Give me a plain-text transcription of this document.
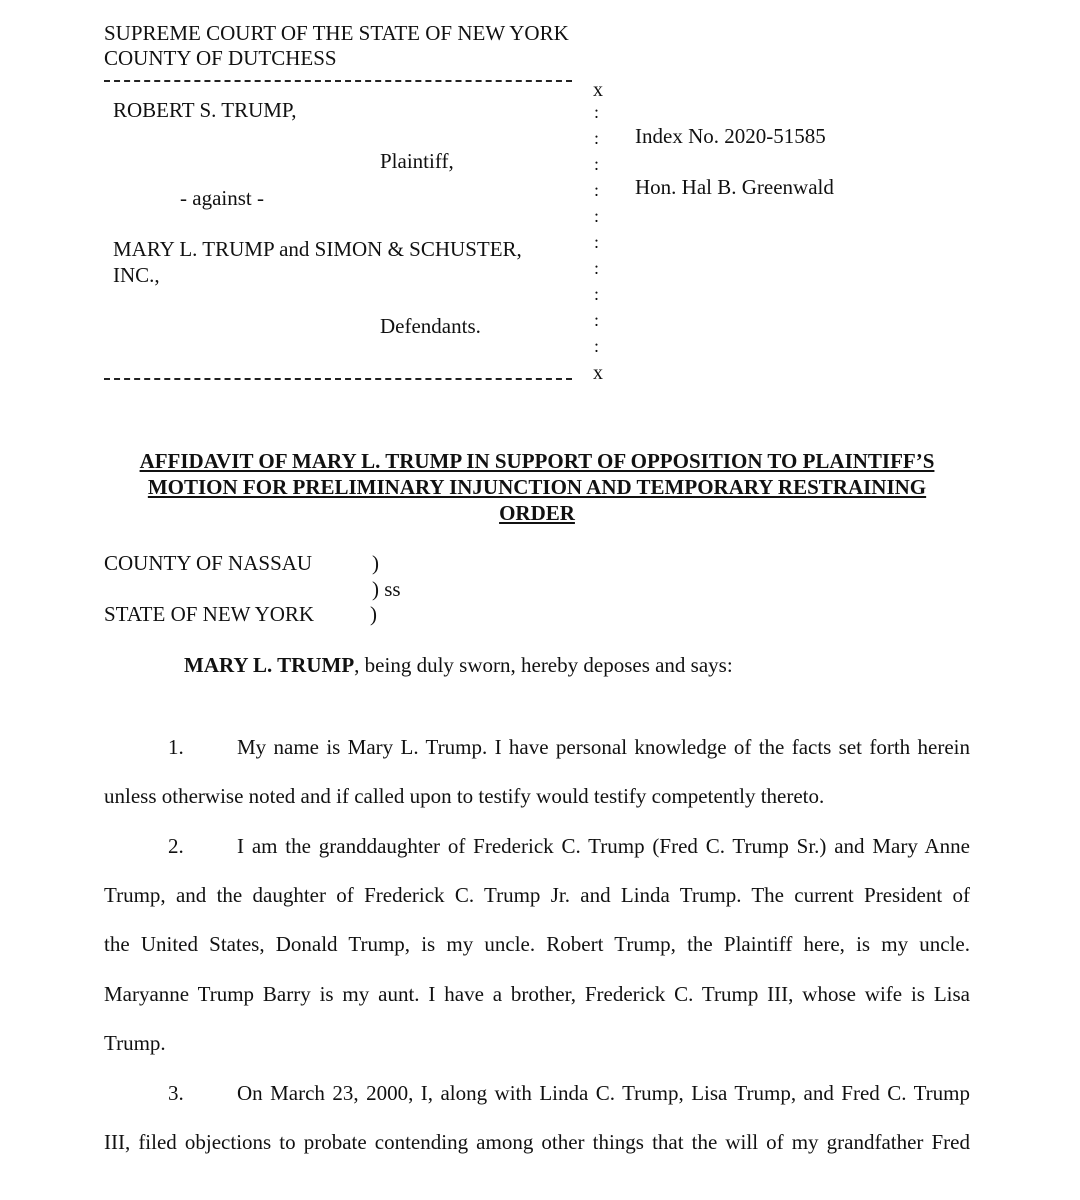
SUPREME COURT OF THE STATE OF NEW YORK
COUNTY OF DUTCHESS
x
ROBERT S. TRUMP,
Plaintiff,
- against -
MARY L. TRUMP and SIMON & SCHUSTER,
INC.,
Defendants.
:
:
:
:
:
:
:
:
:
:
x
Index No. 2020-51585
Hon. Hal B. Greenwald
AFFIDAVIT OF MARY L. TRUMP IN SUPPORT OF OPPOSITION TO PLAINTIFF’S
MOTION FOR PRELIMINARY INJUNCTION AND TEMPORARY RESTRAINING
ORDER
COUNTY OF NASSAU	)
) ss
STATE OF NEW YORK	)
MARY L. TRUMP, being duly sworn, hereby deposes and says:
1.	My name is Mary L. Trump. I have personal knowledge of the facts set forth herein
unless otherwise noted and if called upon to testify would testify competently thereto.
2.	I am the granddaughter of Frederick C. Trump (Fred C. Trump Sr.) and Mary Anne
Trump, and the daughter of Frederick C. Trump Jr. and Linda Trump. The current President of
the United States, Donald Trump, is my uncle. Robert Trump, the Plaintiff here, is my uncle.
Maryanne Trump Barry is my aunt. I have a brother, Frederick C. Trump III, whose wife is Lisa
Trump.
3.	On March 23, 2000, I, along with Linda C. Trump, Lisa Trump, and Fred C. Trump
III, filed objections to probate contending among other things that the will of my grandfather Fred
